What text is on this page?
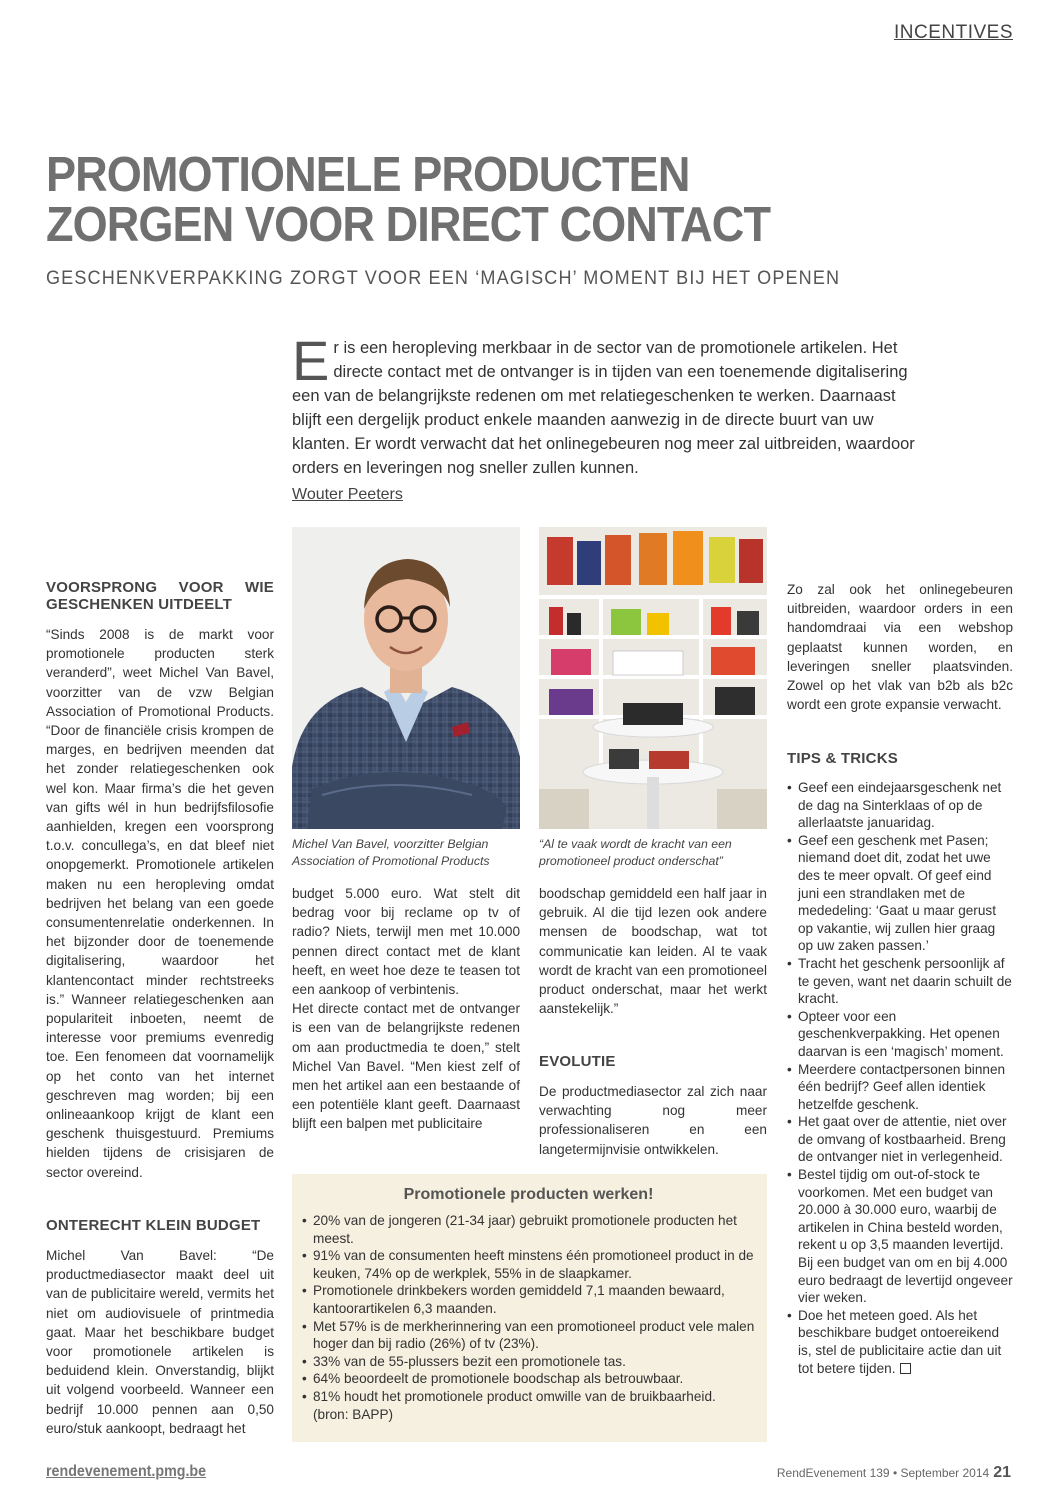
INCENTIVES
PROMOTIONELE PRODUCTEN
ZORGEN VOOR DIRECT CONTACT
GESCHENKVERPAKKING ZORGT VOOR EEN ‘MAGISCH’ MOMENT BIJ HET OPENEN
Er is een heropleving merkbaar in de sector van de promotionele artikelen. Het directe contact met de ontvanger is in tijden van een toenemende digitalisering een van de belangrijkste redenen om met relatiegeschenken te werken. Daarnaast blijft een dergelijk product enkele maanden aanwezig in de directe buurt van uw klanten. Er wordt verwacht dat het onlinegebeuren nog meer zal uitbreiden, waardoor orders en leveringen nog sneller zullen kunnen.
Wouter Peeters
VOORSPRONG VOOR WIE GESCHENKEN UITDEELT

“Sinds 2008 is de markt voor promotionele producten sterk veranderd”, weet Michel Van Bavel, voorzitter van de vzw Belgian Association of Promotional Products. “Door de financiële crisis krompen de marges, en bedrijven meenden dat het zonder relatiegeschenken ook wel kon. Maar firma’s die het geven van gifts wél in hun bedrijfsfilosofie aanhielden, kregen een voorsprong t.o.v. concullega’s, en dat bleef niet onopgemerkt. Promotionele artikelen maken nu een heropleving omdat bedrijven het belang van een goede consumentenrelatie onderkennen. In het bijzonder door de toenemende digitalisering, waardoor het klantencontact minder rechtstreeks is.” Wanneer relatiegeschenken aan populariteit inboeten, neemt de interesse voor premiums evenredig toe. Een fenomeen dat voornamelijk op het conto van het internet geschreven mag worden; bij een onlineaankoop krijgt de klant een geschenk thuisgestuurd. Premiums hielden tijdens de crisisjaren de sector overeind.

ONTERECHT KLEIN BUDGET

Michel Van Bavel: “De productmediasector maakt deel uit van de publicitaire wereld, vermits het niet om audiovisuele of printmedia gaat. Maar het beschikbare budget voor promotionele artikelen is beduidend klein. Onverstandig, blijkt uit volgend voorbeeld. Wanneer een bedrijf 10.000 pennen aan 0,50 euro/stuk aankoopt, bedraagt het

Michel Van Bavel, voorzitter Belgian Association of Promotional Products
“Al te vaak wordt de kracht van een promotioneel product onderschat”

budget 5.000 euro. Wat stelt dit bedrag voor bij reclame op tv of radio? Niets, terwijl men met 10.000 pennen direct contact met de klant heeft, en weet hoe deze te teasen tot een aankoop of verbintenis.

Het directe contact met de ontvanger is een van de belangrijkste redenen om aan productmedia te doen,” stelt Michel Van Bavel. “Men kiest zelf of men het artikel aan een bestaande of een potentiële klant geeft. Daarnaast blijft een balpen met publicitaire

boodschap gemiddeld een half jaar in gebruik. Al die tijd lezen ook andere mensen de boodschap, wat tot communicatie kan leiden. Al te vaak wordt de kracht van een promotioneel product onderschat, maar het werkt aanstekelijk.”

EVOLUTIE

De productmediasector zal zich naar verwachting nog meer professionaliseren en een langetermijnvisie ontwikkelen.

Zo zal ook het onlinegebeuren uitbreiden, waardoor orders in een handomdraai via een webshop geplaatst kunnen worden, en leveringen sneller plaatsvinden. Zowel op het vlak van b2b als b2c wordt een grote expansie verwacht.

TIPS & TRICKS
• Geef een eindejaarsgeschenk net de dag na Sinterklaas of op de allerlaatste januaridag.
• Geef een geschenk met Pasen; niemand doet dit, zodat het uwe des te meer opvalt. Of geef eind juni een strandlaken met de mededeling: ‘Gaat u maar gerust op vakantie, wij zullen hier graag op uw zaken passen.’
• Tracht het geschenk persoonlijk af te geven, want net daarin schuilt de kracht.
• Opteer voor een geschenkverpakking. Het openen daarvan is een ‘magisch’ moment.
• Meerdere contactpersonen binnen één bedrijf? Geef allen identiek hetzelfde geschenk.
• Het gaat over de attentie, niet over de omvang of kostbaarheid. Breng de ontvanger niet in verlegenheid.
• Bestel tijdig om out-of-stock te voorkomen. Met een budget van 20.000 à 30.000 euro, waarbij de artikelen in China besteld worden, rekent u op 3,5 maanden levertijd. Bij een budget van om en bij 4.000 euro bedraagt de levertijd ongeveer vier weken.
• Doe het meteen goed. Als het beschikbare budget ontoereikend is, stel de publicitaire actie dan uit tot betere tijden.
Promotionele producten werken!
• 20% van de jongeren (21-34 jaar) gebruikt promotionele producten het meest.
• 91% van de consumenten heeft minstens één promotioneel product in de keuken, 74% op de werkplek, 55% in de slaapkamer.
• Promotionele drinkbekers worden gemiddeld 7,1 maanden bewaard, kantoorartikelen 6,3 maanden.
• Met 57% is de merkherinnering van een promotioneel product vele malen hoger dan bij radio (26%) of tv (23%).
• 33% van de 55-plussers bezit een promotionele tas.
• 64% beoordeelt de promotionele boodschap als betrouwbaar.
• 81% houdt het promotionele product omwille van de bruikbaarheid. (bron: BAPP)
rendevenement.pmg.be	RendEvenement 139 • September 2014 21
